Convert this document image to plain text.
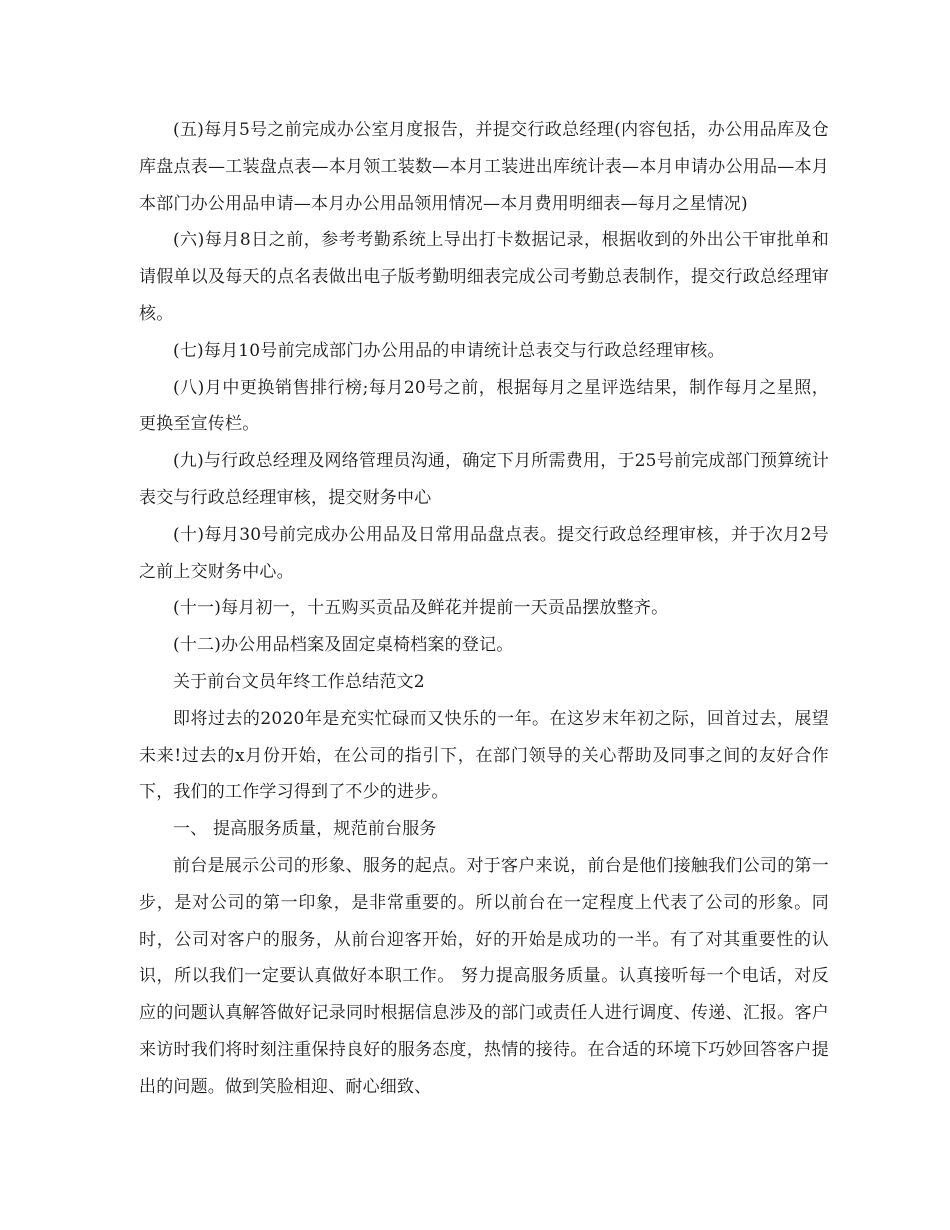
(五)每月5号之前完成办公室月度报告，并提交行政总经理(内容包括，办公用品库及仓库盘点表—工装盘点表—本月领工装数—本月工装进出库统计表—本月申请办公用品—本月本部门办公用品申请—本月办公用品领用情况—本月费用明细表—每月之星情况)

(六)每月8日之前，参考考勤系统上导出打卡数据记录，根据收到的外出公干审批单和请假单以及每天的点名表做出电子版考勤明细表完成公司考勤总表制作，提交行政总经理审核。

(七)每月10号前完成部门办公用品的申请统计总表交与行政总经理审核。

(八)月中更换销售排行榜;每月20号之前，根据每月之星评选结果，制作每月之星照，更换至宣传栏。

(九)与行政总经理及网络管理员沟通，确定下月所需费用，于25号前完成部门预算统计表交与行政总经理审核，提交财务中心

(十)每月30号前完成办公用品及日常用品盘点表。提交行政总经理审核，并于次月2号之前上交财务中心。

(十一)每月初一，十五购买贡品及鲜花并提前一天贡品摆放整齐。

(十二)办公用品档案及固定桌椅档案的登记。

关于前台文员年终工作总结范文2

即将过去的2020年是充实忙碌而又快乐的一年。在这岁末年初之际，回首过去，展望未来!过去的x月份开始，在公司的指引下，在部门领导的关心帮助及同事之间的友好合作下，我们的工作学习得到了不少的进步。

一、 提高服务质量，规范前台服务

前台是展示公司的形象、服务的起点。对于客户来说，前台是他们接触我们公司的第一步，是对公司的第一印象，是非常重要的。所以前台在一定程度上代表了公司的形象。同时，公司对客户的服务，从前台迎客开始，好的开始是成功的一半。有了对其重要性的认识，所以我们一定要认真做好本职工作。 努力提高服务质量。认真接听每一个电话，对反应的问题认真解答做好记录同时根据信息涉及的部门或责任人进行调度、传递、汇报。客户来访时我们将时刻注重保持良好的服务态度，热情的接待。在合适的环境下巧妙回答客户提出的问题。做到笑脸相迎、耐心细致、
